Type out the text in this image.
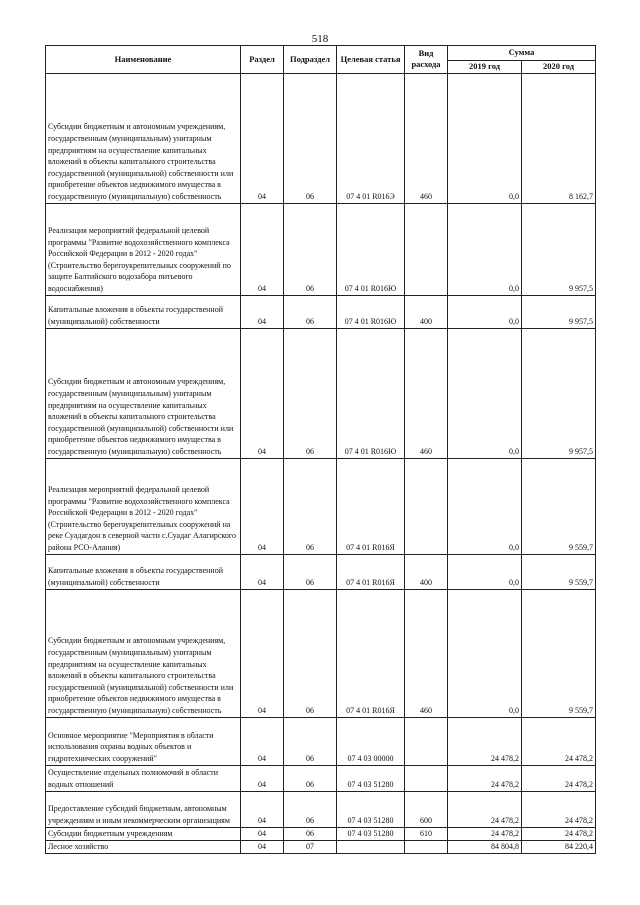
518
Наименование	Раздел	Подраздел	Целевая статья	Вид расхода	Сумма	
					2019 год	2020 год
Субсидии бюджетным и автономным учреждениям, государственным (муниципальным) унитарным предприятиям на осуществление капитальных вложений в объекты капитального строительства государственной (муниципальной) собственности или приобретение объектов недвижимого имущества в государственную (муниципальную) собственность	04	06	07 4 01 R016Э	460	0,0	8 162,7
Реализация мероприятий федеральной целевой программы "Развитие водохозяйственного комплекса Российской Федерации в 2012 - 2020 годах" (Строительство берегоукрепительных сооружений по защите Балтийского водозабора питьевого водоснабжения)	04	06	07 4 01 R016Ю		0,0	9 957,5
Капитальные вложения в объекты государственной (муниципальной) собственности	04	06	07 4 01 R016Ю	400	0,0	9 957,5
Субсидии бюджетным и автономным учреждениям, государственным (муниципальным) унитарным предприятиям на осуществление капитальных вложений в объекты капитального строительства государственной (муниципальной) собственности или приобретение объектов недвижимого имущества в государственную (муниципальную) собственность	04	06	07 4 01 R016Ю	460	0,0	9 957,5
Реализация мероприятий федеральной целевой программы "Развитие водохозяйственного комплекса Российской Федерации в 2012 - 2020 годах" (Строительство берегоукрепительных сооружений на реке Суадагдон в северной части с.Суадаг Алагирского района РСО-Алания)	04	06	07 4 01 R016Я		0,0	9 559,7
Капитальные вложения в объекты государственной (муниципальной) собственности	04	06	07 4 01 R016Я	400	0,0	9 559,7
Субсидии бюджетным и автономным учреждениям, государственным (муниципальным) унитарным предприятиям на осуществление капитальных вложений в объекты капитального строительства государственной (муниципальной) собственности или приобретение объектов недвижимого имущества в государственную (муниципальную) собственность	04	06	07 4 01 R016Я	460	0,0	9 559,7
Основное мероприятие "Мероприятия в области использования охраны водных объектов и гидротехнических сооружений"	04	06	07 4 03 00000		24 478,2	24 478,2
Осуществление отдельных полномочий в области водных отношений	04	06	07 4 03 51280		24 478,2	24 478,2
Предоставление субсидий бюджетным, автономным учреждениям и иным некоммерческим организациям	04	06	07 4 03 51280	600	24 478,2	24 478,2
Субсидии бюджетным учреждениям	04	06	07 4 03 51280	610	24 478,2	24 478,2
Лесное хозяйство	04	07			84 804,8	84 220,4
